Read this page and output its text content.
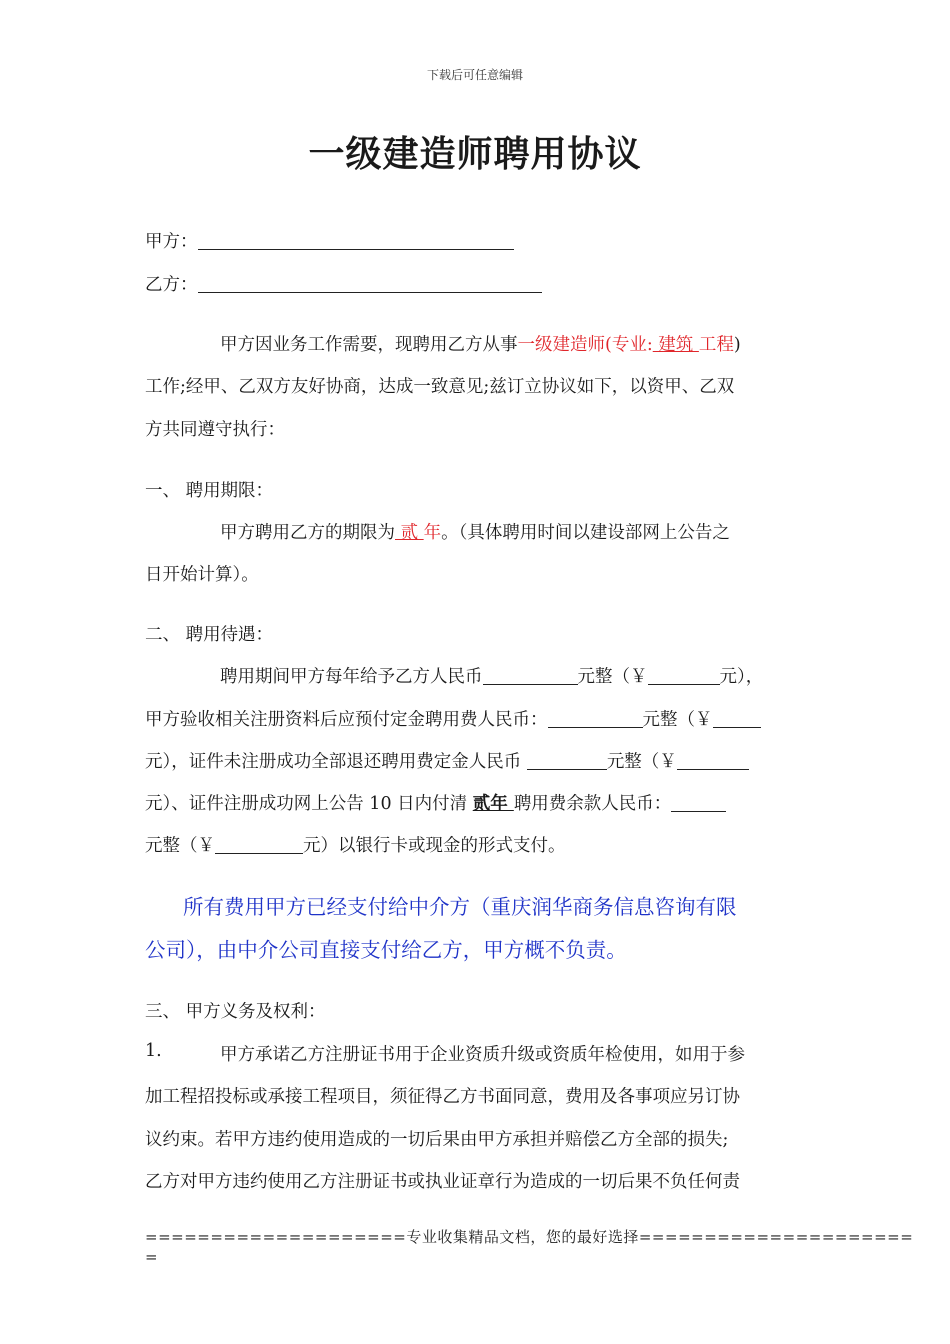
下载后可任意编辑
一级建造师聘用协议
甲方：
乙方：
甲方因业务工作需要，现聘用乙方从事一级建造师(专业: 建筑 工程)
工作;经甲、乙双方友好协商，达成一致意见;兹订立协议如下，以资甲、乙双
方共同遵守执行：
一、 聘用期限：
甲方聘用乙方的期限为 贰 年。（具体聘用时间以建设部网上公告之
日开始计算）。
二、 聘用待遇：
聘用期间甲方每年给予乙方人民币	元整（￥	元），
甲方验收相关注册资料后应预付定金聘用费人民币：	元整（￥
元），证件未注册成功全部退还聘用费定金人民币	元整（￥
元）、证件注册成功网上公告 10 日内付清 贰年 聘用费余款人民币：
元整（￥	元）以银行卡或现金的形式支付。
所有费用甲方已经支付给中介方（重庆润华商务信息咨询有限
公司），由中介公司直接支付给乙方，甲方概不负责。
三、 甲方义务及权利：
1.	甲方承诺乙方注册证书用于企业资质升级或资质年检使用，如用于参
加工程招投标或承接工程项目，须征得乙方书面同意，费用及各事项应另订协
议约束。若甲方违约使用造成的一切后果由甲方承担并赔偿乙方全部的损失;
乙方对甲方违约使用乙方注册证书或执业证章行为造成的一切后果不负任何责
====================专业收集精品文档，您的最好选择=====================
=
